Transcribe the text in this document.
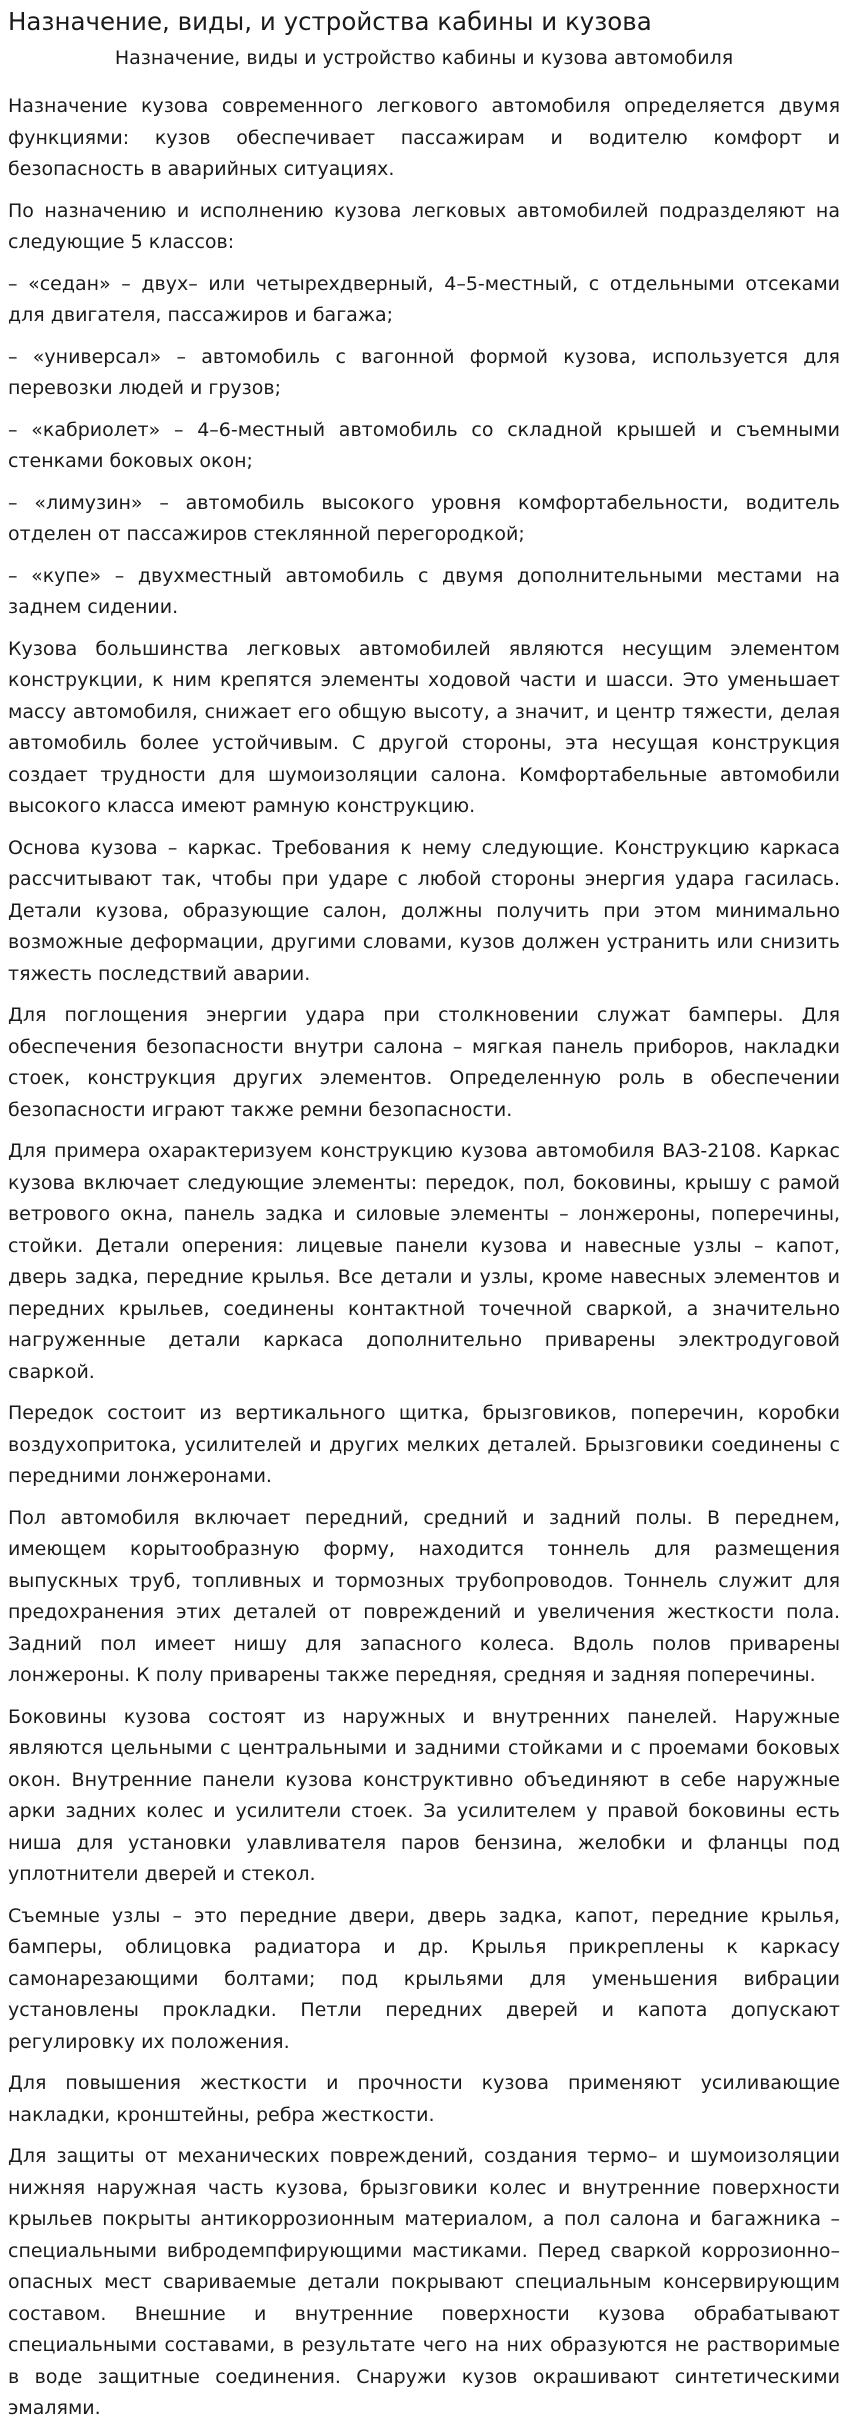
Назначение, виды, и устройства кабины и кузова
Назначение, виды и устройство кабины и кузова автомобиля

Назначение кузова современного легкового автомобиля определяется двумя функциями: кузов обеспечивает пассажирам и водителю комфорт и безопасность в аварийных ситуациях.

По назначению и исполнению кузова легковых автомобилей подразделяют на следующие 5 классов:

– «седан» – двух– или четырехдверный, 4–5-местный, с отдельными отсеками для двигателя, пассажиров и багажа;

– «универсал» – автомобиль с вагонной формой кузова, используется для перевозки людей и грузов;

– «кабриолет» – 4–6-местный автомобиль со складной крышей и съемными стенками боковых окон;

– «лимузин» – автомобиль высокого уровня комфортабельности, водитель отделен от пассажиров стеклянной перегородкой;

– «купе» – двухместный автомобиль с двумя дополнительными местами на заднем сидении.

Кузова большинства легковых автомобилей являются несущим элементом конструкции, к ним крепятся элементы ходовой части и шасси. Это уменьшает массу автомобиля, снижает его общую высоту, а значит, и центр тяжести, делая автомобиль более устойчивым. С другой стороны, эта несущая конструкция создает трудности для шумоизоляции салона. Комфортабельные автомобили высокого класса имеют рамную конструкцию.

Основа кузова – каркас. Требования к нему следующие. Конструкцию каркаса рассчитывают так, чтобы при ударе с любой стороны энергия удара гасилась. Детали кузова, образующие салон, должны получить при этом минимально возможные деформации, другими словами, кузов должен устранить или снизить тяжесть последствий аварии.

Для поглощения энергии удара при столкновении служат бамперы. Для обеспечения безопасности внутри салона – мягкая панель приборов, накладки стоек, конструкция других элементов. Определенную роль в обеспечении безопасности играют также ремни безопасности.

Для примера охарактеризуем конструкцию кузова автомобиля ВАЗ-2108. Каркас кузова включает следующие элементы: передок, пол, боковины, крышу с рамой ветрового окна, панель задка и силовые элементы – лонжероны, поперечины, стойки. Детали оперения: лицевые панели кузова и навесные узлы – капот, дверь задка, передние крылья. Все детали и узлы, кроме навесных элементов и передних крыльев, соединены контактной точечной сваркой, а значительно нагруженные детали каркаса дополнительно приварены электродуговой сваркой.

Передок состоит из вертикального щитка, брызговиков, поперечин, коробки воздухопритока, усилителей и других мелких деталей. Брызговики соединены с передними лонжеронами.

Пол автомобиля включает передний, средний и задний полы. В переднем, имеющем корытообразную форму, находится тоннель для размещения выпускных труб, топливных и тормозных трубопроводов. Тоннель служит для предохранения этих деталей от повреждений и увеличения жесткости пола. Задний пол имеет нишу для запасного колеса. Вдоль полов приварены лонжероны. К полу приварены также передняя, средняя и задняя поперечины.

Боковины кузова состоят из наружных и внутренних панелей. Наружные являются цельными с центральными и задними стойками и с проемами боковых окон. Внутренние панели кузова конструктивно объединяют в себе наружные арки задних колес и усилители стоек. За усилителем у правой боковины есть ниша для установки улавливателя паров бензина, желобки и фланцы под уплотнители дверей и стекол.

Съемные узлы – это передние двери, дверь задка, капот, передние крылья, бамперы, облицовка радиатора и др. Крылья прикреплены к каркасу самонарезающими болтами; под крыльями для уменьшения вибрации установлены прокладки. Петли передних дверей и капота допускают регулировку их положения.

Для повышения жесткости и прочности кузова применяют усиливающие накладки, кронштейны, ребра жесткости.

Для защиты от механических повреждений, создания термо– и шумоизоляции нижняя наружная часть кузова, брызговики колес и внутренние поверхности крыльев покрыты антикоррозионным материалом, а пол салона и багажника – специальными вибродемпфирующими мастиками. Перед сваркой коррозионно–опасных мест свариваемые детали покрывают специальным консервирующим составом. Внешние и внутренние поверхности кузова обрабатывают специальными составами, в результате чего на них образуются не растворимые в воде защитные соединения. Снаружи кузов окрашивают синтетическими эмалями.
